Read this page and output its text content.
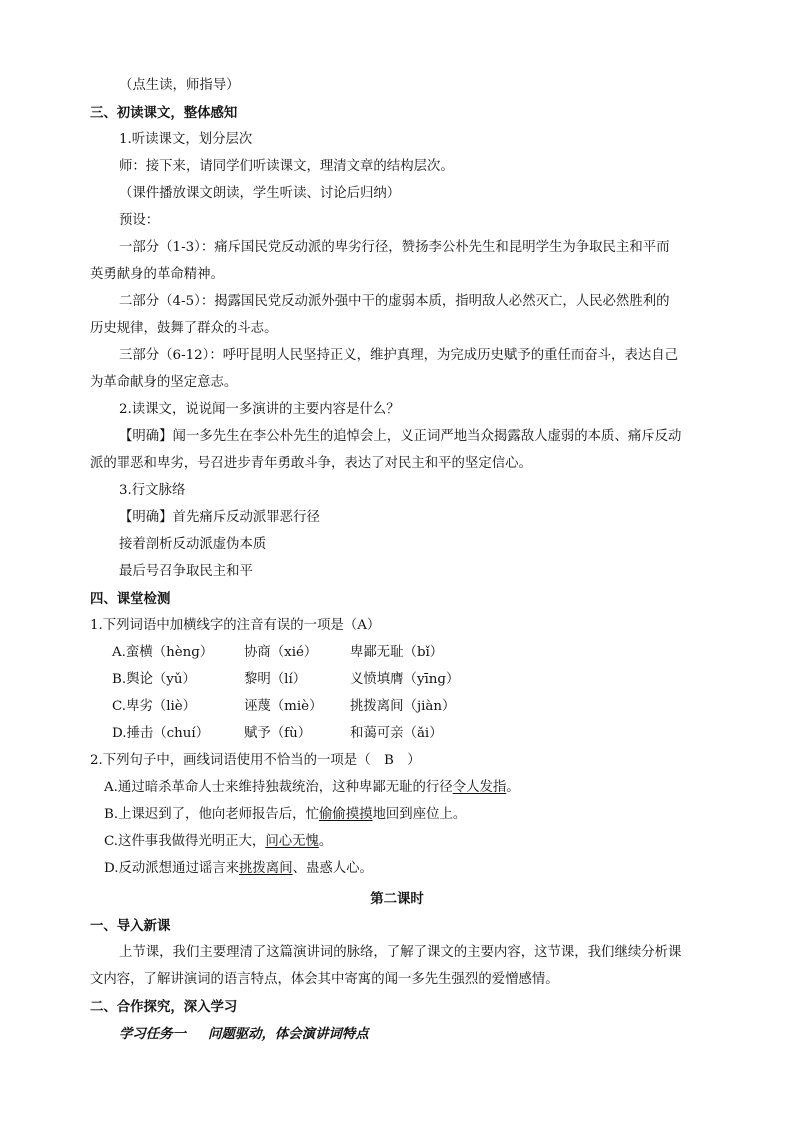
（点生读，师指导）
三、初读课文，整体感知
1.听读课文，划分层次
师：接下来，请同学们听读课文，理清文章的结构层次。
（课件播放课文朗读，学生听读、讨论后归纳）
预设：
一部分（1-3）：痛斥国民党反动派的卑劣行径，赞扬李公朴先生和昆明学生为争取民主和平而
英勇献身的革命精神。
二部分（4-5）：揭露国民党反动派外强中干的虚弱本质，指明敌人必然灭亡，人民必然胜利的
历史规律，鼓舞了群众的斗志。
三部分（6-12）：呼吁昆明人民坚持正义，维护真理，为完成历史赋予的重任而奋斗，表达自己
为革命献身的坚定意志。
2.读课文，说说闻一多演讲的主要内容是什么？
【明确】闻一多先生在李公朴先生的追悼会上，义正词严地当众揭露敌人虚弱的本质、痛斥反动
派的罪恶和卑劣，号召进步青年勇敢斗争，表达了对民主和平的坚定信心。
3.行文脉络
【明确】首先痛斥反动派罪恶行径
接着剖析反动派虚伪本质
最后号召争取民主和平
四、课堂检测
1.下列词语中加横线字的注音有误的一项是（A）
A.蛮横（hènɡ） 协商（xié） 卑鄙无耻（bǐ）
B.舆论（yǔ）	黎明（lí）	义愤填膺（yīnɡ）
C.卑劣（liè）	诬蔑（miè） 挑拨离间（jiàn）
D.捶击（chuí）	赋予（fù）	和蔼可亲（ǎi）
2.下列句子中，画线词语使用不恰当的一项是（　B　）
A.通过暗杀革命人士来维持独裁统治，这种卑鄙无耻的行径令人发指。
B.上课迟到了，他向老师报告后，忙偷偷摸摸地回到座位上。
C.这件事我做得光明正大，问心无愧。
D.反动派想通过谣言来挑拨离间、蛊惑人心。
第二课时
一、导入新课
上节课，我们主要理清了这篇演讲词的脉络，了解了课文的主要内容，这节课，我们继续分析课
文内容，了解讲演词的语言特点，体会其中寄寓的闻一多先生强烈的爱憎感情。
二、合作探究，深入学习
学习任务一 问题驱动，体会演讲词特点
